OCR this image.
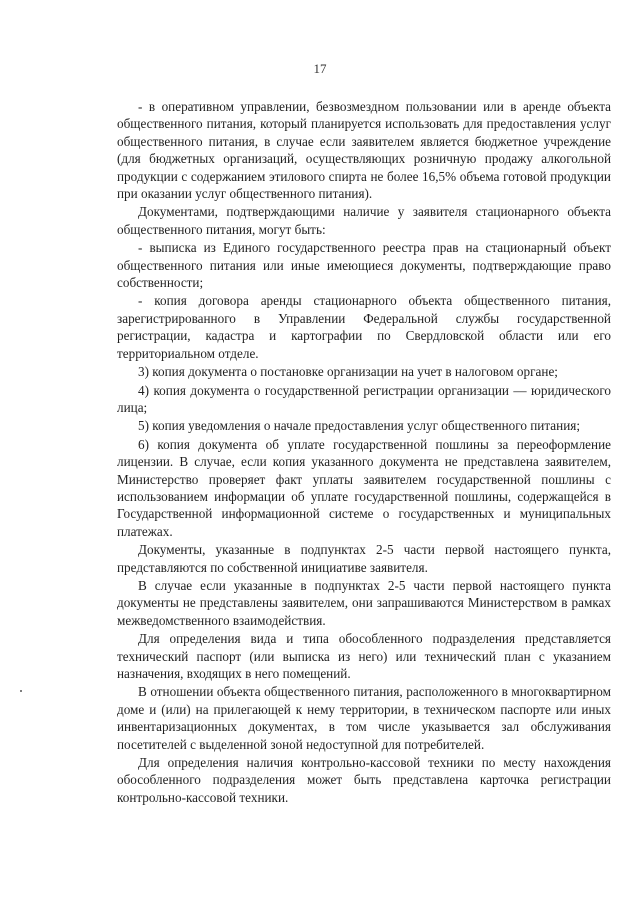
17

- в оперативном управлении, безвозмездном пользовании или в аренде объекта общественного питания, который планируется использовать для предоставления услуг общественного питания, в случае если заявителем является бюджетное учреждение (для бюджетных организаций, осуществляющих розничную продажу алкогольной продукции с содержанием этилового спирта не более 16,5% объема готовой продукции при оказании услуг общественного питания).

Документами, подтверждающими наличие у заявителя стационарного объекта общественного питания, могут быть:

- выписка из Единого государственного реестра прав на стационарный объект общественного питания или иные имеющиеся документы, подтверждающие право собственности;

- копия договора аренды стационарного объекта общественного питания, зарегистрированного в Управлении Федеральной службы государственной регистрации, кадастра и картографии по Свердловской области или его территориальном отделе.

3) копия документа о постановке организации на учет в налоговом органе;

4) копия документа о государственной регистрации организации — юридического лица;

5) копия уведомления о начале предоставления услуг общественного питания;

6) копия документа об уплате государственной пошлины за переоформление лицензии. В случае, если копия указанного документа не представлена заявителем, Министерство проверяет факт уплаты заявителем государственной пошлины с использованием информации об уплате государственной пошлины, содержащейся в Государственной информационной системе о государственных и муниципальных платежах.

Документы, указанные в подпунктах 2-5 части первой настоящего пункта, представляются по собственной инициативе заявителя.

В случае если указанные в подпунктах 2-5 части первой настоящего пункта документы не представлены заявителем, они запрашиваются Министерством в рамках межведомственного взаимодействия.

Для определения вида и типа обособленного подразделения представляется технический паспорт (или выписка из него) или технический план с указанием назначения, входящих в него помещений.

В отношении объекта общественного питания, расположенного в многоквартирном доме и (или) на прилегающей к нему территории, в техническом паспорте или иных инвентаризационных документах, в том числе указывается зал обслуживания посетителей с выделенной зоной недоступной для потребителей.

Для определения наличия контрольно-кассовой техники по месту нахождения обособленного подразделения может быть представлена карточка регистрации контрольно-кассовой техники.
